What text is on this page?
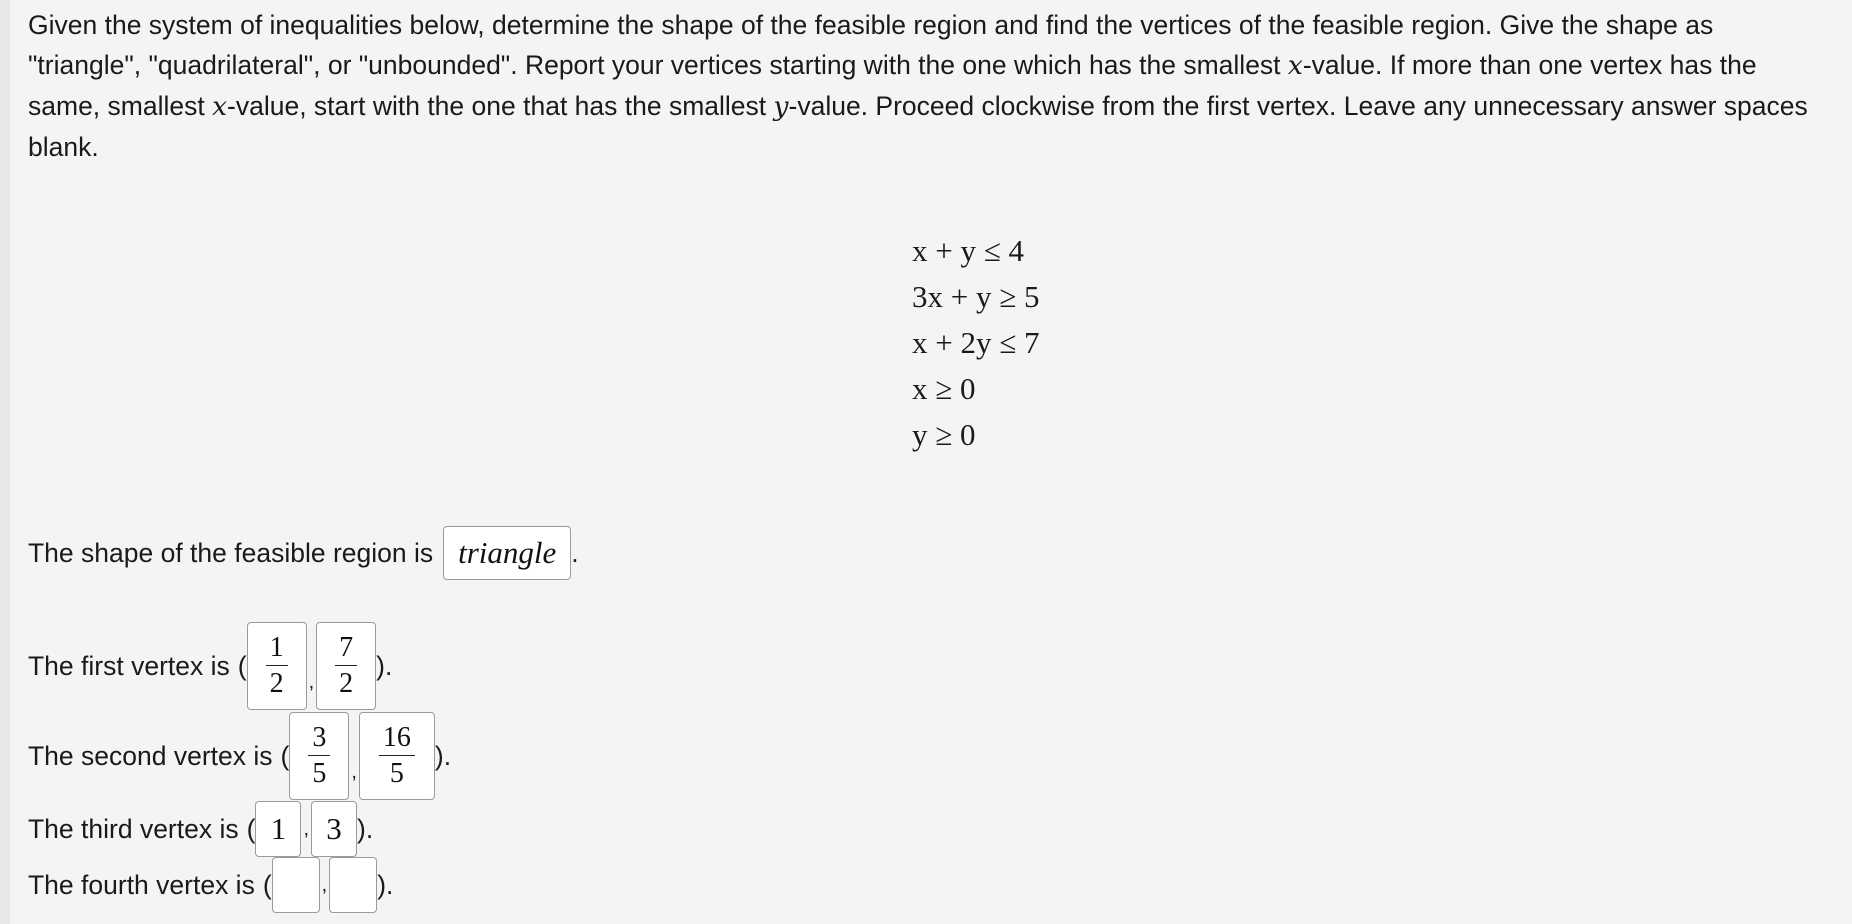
Given the system of inequalities below, determine the shape of the feasible region and find the vertices of the feasible region. Give the shape as
"triangle", "quadrilateral", or "unbounded". Report your vertices starting with the one which has the smallest x-value. If more than one vertex has the
same, smallest x-value, start with the one that has the smallest y-value. Proceed clockwise from the first vertex. Leave any unnecessary answer spaces
blank.

x + y ≤ 4
3x + y ≥ 5
x + 2y ≤ 7
x ≥ 0
y ≥ 0
The shape of the feasible region is triangle .
The first vertex is ( $\frac{1}{2}$ , $\frac{7}{2}$ ).
The second vertex is ( $\frac{3}{5}$ , $\frac{16}{5}$ ).
The third vertex is ( 1 , 3 ).
The fourth vertex is (	, ).
